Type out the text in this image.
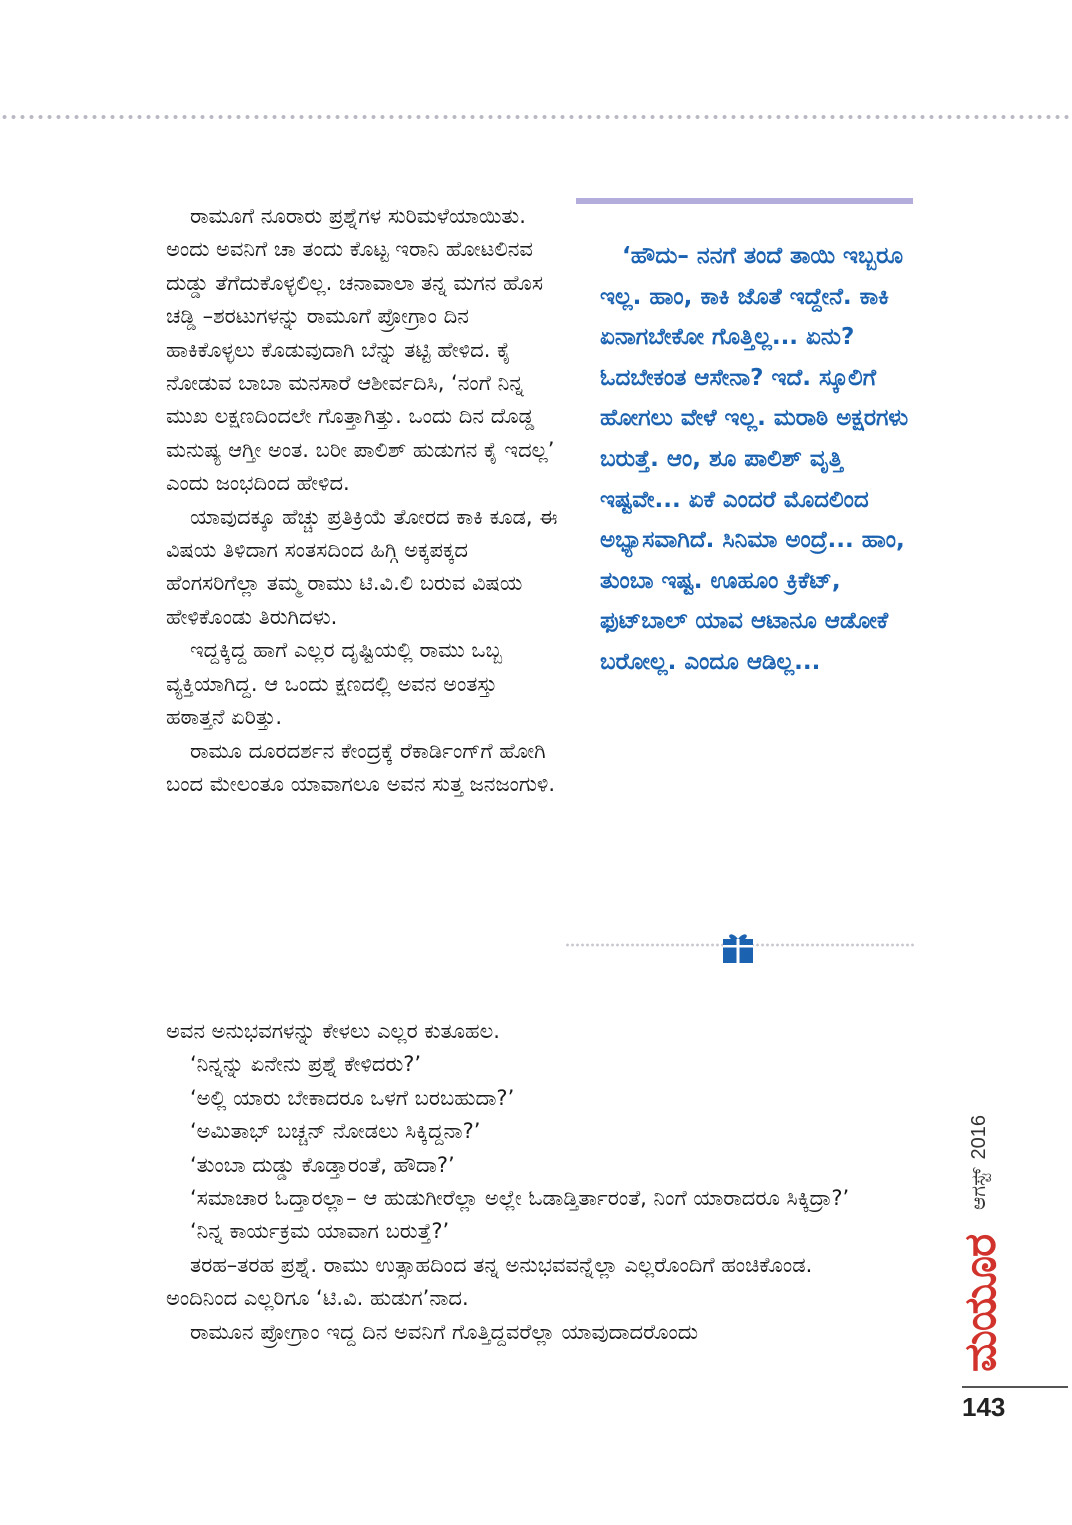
ರಾಮೂಗೆ ನೂರಾರು ಪ್ರಶ್ನೆಗಳ ಸುರಿಮಳೆಯಾಯಿತು. ಅಂದು ಅವನಿಗೆ ಚಾ ತಂದು ಕೊಟ್ಟ ಇರಾನಿ ಹೋಟಲಿನವ ದುಡ್ಡು ತೆಗೆದುಕೊಳ್ಳಲಿಲ್ಲ. ಚನಾವಾಲಾ ತನ್ನ ಮಗನ ಹೊಸ ಚಡ್ಡಿ –ಶರಟುಗಳನ್ನು ರಾಮೂಗೆ ಪ್ರೋಗ್ರಾಂ ದಿನ ಹಾಕಿಕೊಳ್ಳಲು ಕೊಡುವುದಾಗಿ ಬೆನ್ನು ತಟ್ಟಿ ಹೇಳಿದ. ಕೈ ನೋಡುವ ಬಾಬಾ ಮನಸಾರೆ ಆಶೀರ್ವದಿಸಿ, ‘ನಂಗೆ ನಿನ್ನ ಮುಖ ಲಕ್ಷಣದಿಂದಲೇ ಗೊತ್ತಾಗಿತ್ತು. ಒಂದು ದಿನ ದೊಡ್ಡ ಮನುಷ್ಯ ಆಗ್ತೀ ಅಂತ. ಬರೀ ಪಾಲಿಶ್ ಹುಡುಗನ ಕೈ ಇದಲ್ಲ’ ಎಂದು ಜಂಭದಿಂದ ಹೇಳಿದ.

ಯಾವುದಕ್ಕೂ ಹೆಚ್ಚು ಪ್ರತಿಕ್ರಿಯೆ ತೋರದ ಕಾಕಿ ಕೂಡ, ಈ ವಿಷಯ ತಿಳಿದಾಗ ಸಂತಸದಿಂದ ಹಿಗ್ಗಿ ಅಕ್ಕಪಕ್ಕದ ಹೆಂಗಸರಿಗೆಲ್ಲಾ ತಮ್ಮ ರಾಮು ಟಿ.ವಿ.ಲಿ ಬರುವ ವಿಷಯ ಹೇಳಿಕೊಂಡು ತಿರುಗಿದಳು.

ಇದ್ದಕ್ಕಿದ್ದ ಹಾಗೆ ಎಲ್ಲರ ದೃಷ್ಟಿಯಲ್ಲಿ ರಾಮು ಒಬ್ಬ ವ್ಯಕ್ತಿಯಾಗಿದ್ದ. ಆ ಒಂದು ಕ್ಷಣದಲ್ಲಿ ಅವನ ಅಂತಸ್ತು ಹಠಾತ್ತನೆ ಏರಿತ್ತು.

ರಾಮೂ ದೂರದರ್ಶನ ಕೇಂದ್ರಕ್ಕೆ ರೆಕಾರ್ಡಿಂಗ್‌ಗೆ ಹೋಗಿ ಬಂದ ಮೇಲಂತೂ ಯಾವಾಗಲೂ ಅವನ ಸುತ್ತ ಜನಜಂಗುಳಿ.

‘ಹೌದು– ನನಗೆ ತಂದೆ ತಾಯಿ ಇಬ್ಬರೂ ಇಲ್ಲ. ಹಾಂ, ಕಾಕಿ ಜೊತೆ ಇದ್ದೇನೆ. ಕಾಕಿ ಏನಾಗಬೇಕೋ ಗೊತ್ತಿಲ್ಲ... ಏನು? ಓದಬೇಕಂತ ಆಸೇನಾ? ಇದೆ. ಸ್ಕೂಲಿಗೆ ಹೋಗಲು ವೇಳೆ ಇಲ್ಲ. ಮರಾಠಿ ಅಕ್ಷರಗಳು ಬರುತ್ತೆ. ಆಂ, ಶೂ ಪಾಲಿಶ್ ವೃತ್ತಿ ಇಷ್ಟವೇ... ಏಕೆ ಎಂದರೆ ಮೊದಲಿಂದ ಅಭ್ಯಾಸವಾಗಿದೆ. ಸಿನಿಮಾ ಅಂದ್ರೆ... ಹಾಂ, ತುಂಬಾ ಇಷ್ಟ. ಊಹೂಂ ಕ್ರಿಕೆಟ್, ಫುಟ್‌ಬಾಲ್ ಯಾವ ಆಟಾನೂ ಆಡೋಕೆ ಬರೋಲ್ಲ. ಎಂದೂ ಆಡಿಲ್ಲ...

ಅವನ ಅನುಭವಗಳನ್ನು ಕೇಳಲು ಎಲ್ಲರ ಕುತೂಹಲ.

‘ನಿನ್ನನ್ನು ಏನೇನು ಪ್ರಶ್ನೆ ಕೇಳಿದರು?’

‘ಅಲ್ಲಿ ಯಾರು ಬೇಕಾದರೂ ಒಳಗೆ ಬರಬಹುದಾ?’

‘ಅಮಿತಾಭ್ ಬಚ್ಚನ್ ನೋಡಲು ಸಿಕ್ಕಿದ್ದನಾ?’

‘ತುಂಬಾ ದುಡ್ಡು ಕೊಡ್ತಾರಂತೆ, ಹೌದಾ?’

‘ಸಮಾಚಾರ ಓದ್ತಾರಲ್ಲಾ– ಆ ಹುಡುಗೀರೆಲ್ಲಾ ಅಲ್ಲೇ ಓಡಾಡ್ತಿರ್ತಾರಂತೆ, ನಿಂಗೆ ಯಾರಾದರೂ ಸಿಕ್ಕಿದ್ರಾ?’

‘ನಿನ್ನ ಕಾರ್ಯಕ್ರಮ ಯಾವಾಗ ಬರುತ್ತೆ?’

ತರಹ–ತರಹ ಪ್ರಶ್ನೆ. ರಾಮು ಉತ್ಸಾಹದಿಂದ ತನ್ನ ಅನುಭವವನ್ನೆಲ್ಲಾ ಎಲ್ಲರೊಂದಿಗೆ ಹಂಚಿಕೊಂಡ. ಅಂದಿನಿಂದ ಎಲ್ಲರಿಗೂ ‘ಟಿ.ವಿ. ಹುಡುಗ’ನಾದ.

ರಾಮೂನ ಪ್ರೋಗ್ರಾಂ ಇದ್ದ ದಿನ ಅವನಿಗೆ ಗೊತ್ತಿದ್ದವರೆಲ್ಲಾ ಯಾವುದಾದರೊಂದು

ಆಗಸ್ಟ್2016
ಮಯೂರ
143
